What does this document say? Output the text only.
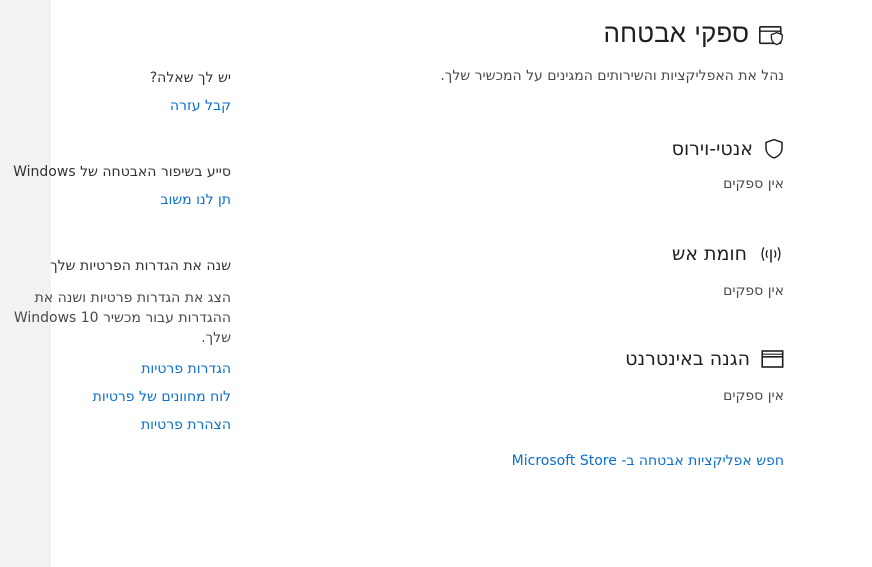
ספקי אבטחה
נהל את האפליקציות והשירותים המגינים על המכשיר שלך.
אנטי-וירוס
אין ספקים
חומת אש
אין ספקים
הגנה באינטרנט
אין ספקים
חפש אפליקציות אבטחה ב- Microsoft Store
יש לך שאלה?
קבל עזרה
סייע בשיפור האבטחה של Windows
תן לנו משוב
שנה את הגדרות הפרטיות שלך
הצג את הגדרות פרטיות ושנה את ההגדרות עבור מכשיר Windows 10 שלך.
הגדרות פרטיות
לוח מחוונים של פרטיות
הצהרת פרטיות
